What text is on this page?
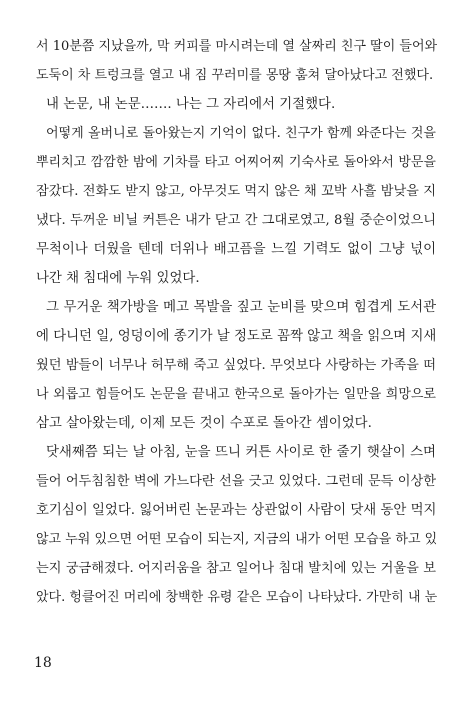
서 10분쯤 지났을까, 막 커피를 마시려는데 열 살짜리 친구 딸이 들어와
도둑이 차 트렁크를 열고 내 짐 꾸러미를 몽땅 훔쳐 달아났다고 전했다.
내 논문, 내 논문……. 나는 그 자리에서 기절했다.
어떻게 올버니로 돌아왔는지 기억이 없다. 친구가 함께 와준다는 것을
뿌리치고 깜깜한 밤에 기차를 타고 어찌어찌 기숙사로 돌아와서 방문을
잠갔다. 전화도 받지 않고, 아무것도 먹지 않은 채 꼬박 사흘 밤낮을 지
냈다. 두꺼운 비닐 커튼은 내가 닫고 간 그대로였고, 8월 중순이었으니
무척이나 더웠을 텐데 더위나 배고픔을 느낄 기력도 없이 그냥 넋이
나간 채 침대에 누워 있었다.
그 무거운 책가방을 메고 목발을 짚고 눈비를 맞으며 힘겹게 도서관
에 다니던 일, 엉덩이에 종기가 날 정도로 꼼짝 않고 책을 읽으며 지새
웠던 밤들이 너무나 허무해 죽고 싶었다. 무엇보다 사랑하는 가족을 떠
나 외롭고 힘들어도 논문을 끝내고 한국으로 돌아가는 일만을 희망으로
삼고 살아왔는데, 이제 모든 것이 수포로 돌아간 셈이었다.
닷새째쯤 되는 날 아침, 눈을 뜨니 커튼 사이로 한 줄기 햇살이 스며
들어 어두침침한 벽에 가느다란 선을 긋고 있었다. 그런데 문득 이상한
호기심이 일었다. 잃어버린 논문과는 상관없이 사람이 닷새 동안 먹지
않고 누워 있으면 어떤 모습이 되는지, 지금의 내가 어떤 모습을 하고 있
는지 궁금해졌다. 어지러움을 참고 일어나 침대 발치에 있는 거울을 보
았다. 헝클어진 머리에 창백한 유령 같은 모습이 나타났다. 가만히 내 눈
18
